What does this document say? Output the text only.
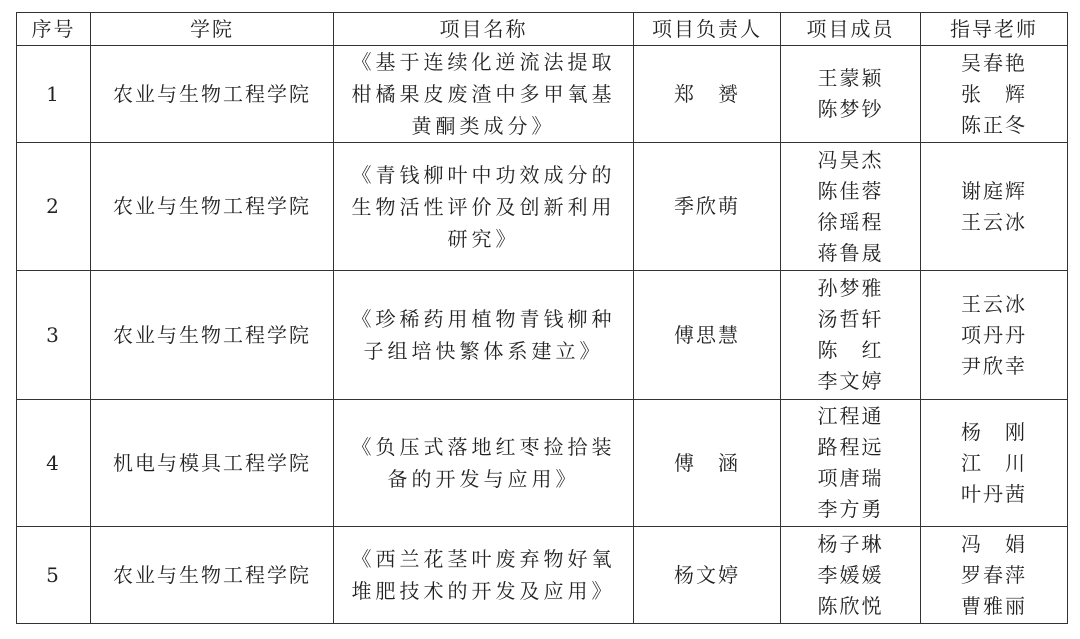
序号	学院	项目名称	项目负责人	项目成员	指导老师
1	农业与生物工程学院	《基于连续化逆流法提取
柑橘果皮废渣中多甲氧基
黄酮类成分》	郑　赟	王蒙颖
陈梦钞	吴春艳
张　辉
陈正冬

2	农业与生物工程学院	《青钱柳叶中功效成分的
生物活性评价及创新利用
研究》	季欣萌	冯昊杰
陈佳蓉
徐瑶程
蒋鲁晟	谢庭辉
王云冰

3	农业与生物工程学院	《珍稀药用植物青钱柳种
子组培快繁体系建立》	傅思慧	孙梦雅
汤哲轩
陈　红
李文婷	王云冰
项丹丹
尹欣幸

4	机电与模具工程学院	《负压式落地红枣捡拾装
备的开发与应用》	傅　涵	江程通
路程远
项唐瑞
李方勇	杨　刚
江　川
叶丹茜

5	农业与生物工程学院	《西兰花茎叶废弃物好氧
堆肥技术的开发及应用》	杨文婷	杨子琳
李媛媛
陈欣悦	冯　娟
罗春萍
曹雅丽
